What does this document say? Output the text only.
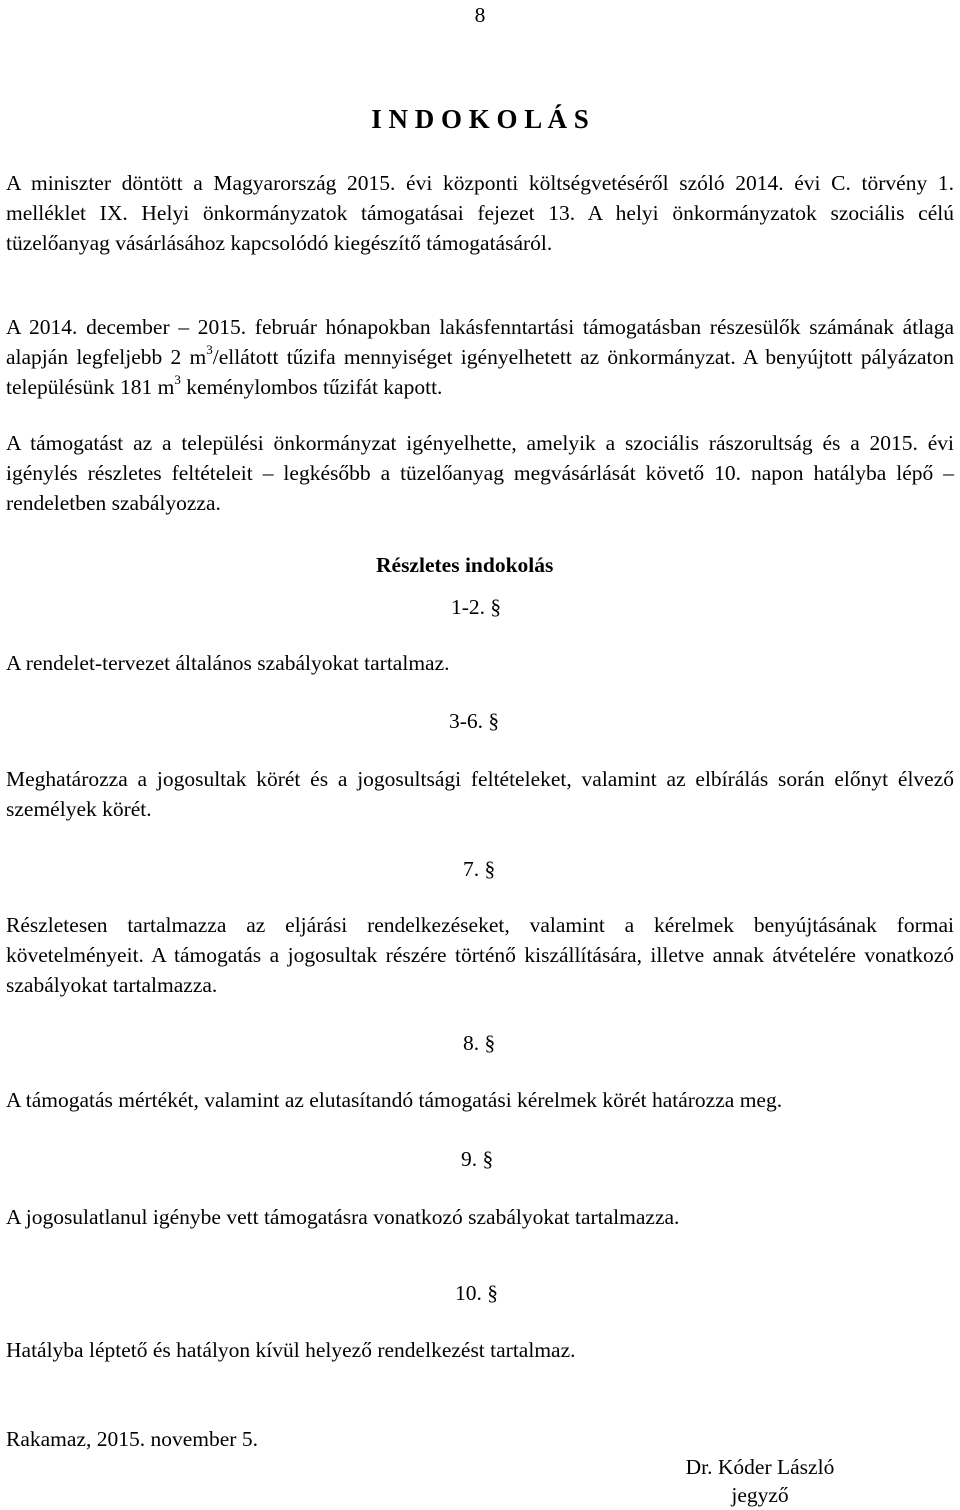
8
I N D O K O L Á S
A miniszter döntött a Magyarország 2015. évi központi költségvetéséről szóló 2014. évi C. törvény 1. melléklet IX. Helyi önkormányzatok támogatásai fejezet 13. A helyi önkormányzatok szociális célú tüzelőanyag vásárlásához kapcsolódó kiegészítő támogatásáról.
A 2014. december – 2015. február hónapokban lakásfenntartási támogatásban részesülők számának átlaga alapján legfeljebb 2 $m^3$/ellátott tűzifa mennyiséget igényelhetett az önkormányzat. A benyújtott pályázaton településünk 181 $m^3$ keménylombos tűzifát kapott.
A támogatást az a települési önkormányzat igényelhette, amelyik a szociális rászorultság és a 2015. évi igénylés részletes feltételeit – legkésőbb a tüzelőanyag megvásárlását követő 10. napon hatályba lépő – rendeletben szabályozza.
Részletes indokolás
1-2. §
A rendelet-tervezet általános szabályokat tartalmaz.
3-6. §
Meghatározza a jogosultak körét és a jogosultsági feltételeket, valamint az elbírálás során előnyt élvező személyek körét.
7. §
Részletesen tartalmazza az eljárási rendelkezéseket, valamint a kérelmek benyújtásának formai követelményeit. A támogatás a jogosultak részére történő kiszállítására, illetve annak átvételére vonatkozó szabályokat tartalmazza.
8. §
A támogatás mértékét, valamint az elutasítandó támogatási kérelmek körét határozza meg.
9. §
A jogosulatlanul igénybe vett támogatásra vonatkozó szabályokat tartalmazza.
10. §
Hatályba léptető és hatályon kívül helyező rendelkezést tartalmaz.
Rakamaz, 2015. november 5.
Dr. Kóder László
jegyző
